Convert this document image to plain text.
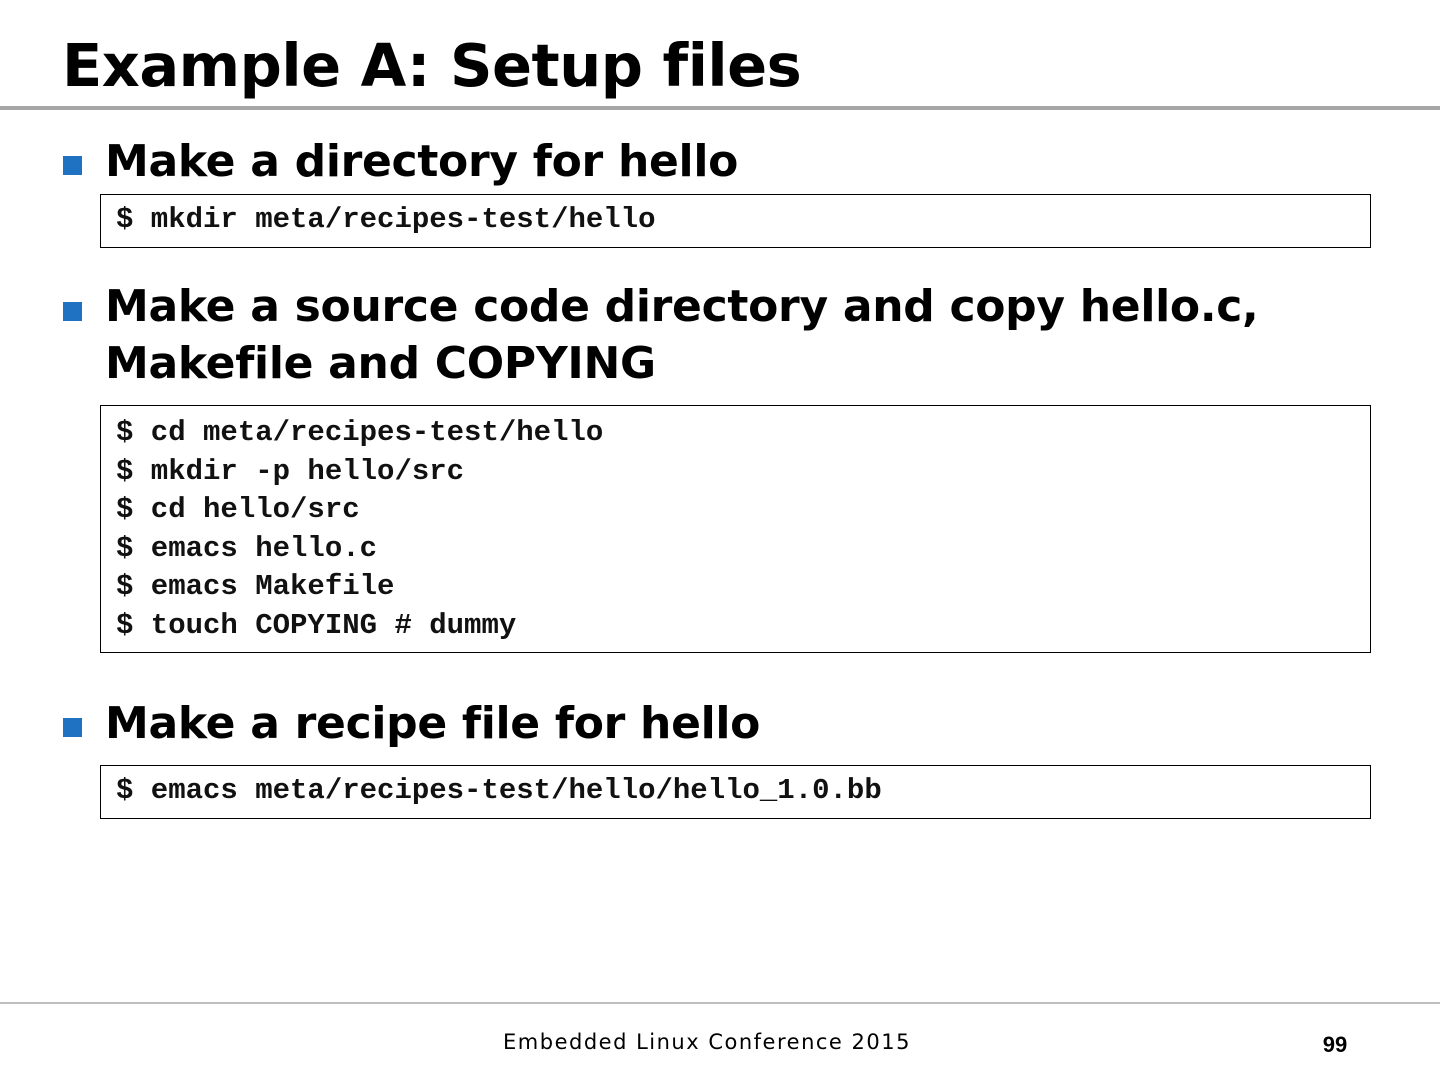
Example A: Setup files
Make a directory for hello
$ mkdir meta/recipes-test/hello
Make a source code directory and copy hello.c,
Makefile and COPYING
$ cd meta/recipes-test/hello
$ mkdir -p hello/src
$ cd hello/src
$ emacs hello.c
$ emacs Makefile
$ touch COPYING # dummy
Make a recipe file for hello
$ emacs meta/recipes-test/hello/hello_1.0.bb
Embedded Linux Conference 2015	99
